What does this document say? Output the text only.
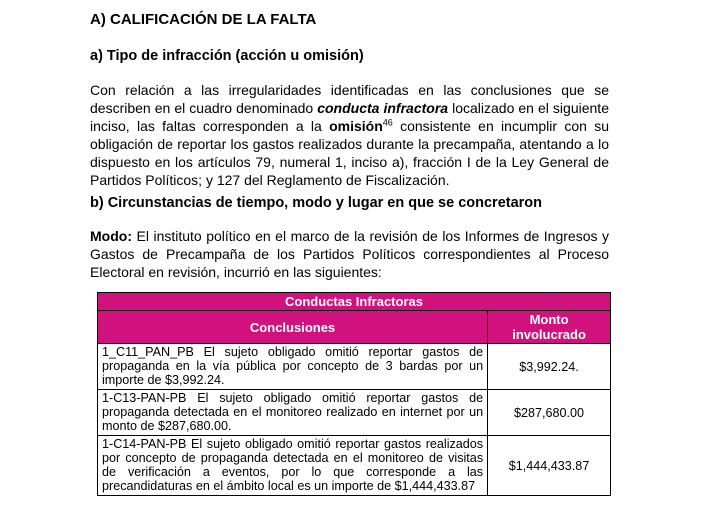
A) CALIFICACIÓN DE LA FALTA
a) Tipo de infracción (acción u omisión)

Con relación a las irregularidades identificadas en las conclusiones que se describen en el cuadro denominado conducta infractora localizado en el siguiente inciso, las faltas corresponden a la omisión$^{46}$ consistente en incumplir con su obligación de reportar los gastos realizados durante la precampaña, atentando a lo dispuesto en los artículos 79, numeral 1, inciso a), fracción I de la Ley General de Partidos Políticos; y 127 del Reglamento de Fiscalización.

b) Circunstancias de tiempo, modo y lugar en que se concretaron

Modo: El instituto político en el marco de la revisión de los Informes de Ingresos y Gastos de Precampaña de los Partidos Políticos correspondientes al Proceso Electoral en revisión, incurrió en las siguientes:

Conductas Infractoras	
Conclusiones	Monto involucrado
1_C11_PAN_PB El sujeto obligado omitió reportar gastos de propaganda en la vía pública por concepto de 3 bardas por un importe de $3,992.24.	$3,992.24.
1-C13-PAN-PB El sujeto obligado omitió reportar gastos de propaganda detectada en el monitoreo realizado en internet por un monto de $287,680.00.	$287,680.00
1-C14-PAN-PB El sujeto obligado omitió reportar gastos realizados por concepto de propaganda detectada en el monitoreo de visitas de verificación a eventos, por lo que corresponde a las precandidaturas en el ámbito local es un importe de $1,444,433.87	$1,444,433.87
